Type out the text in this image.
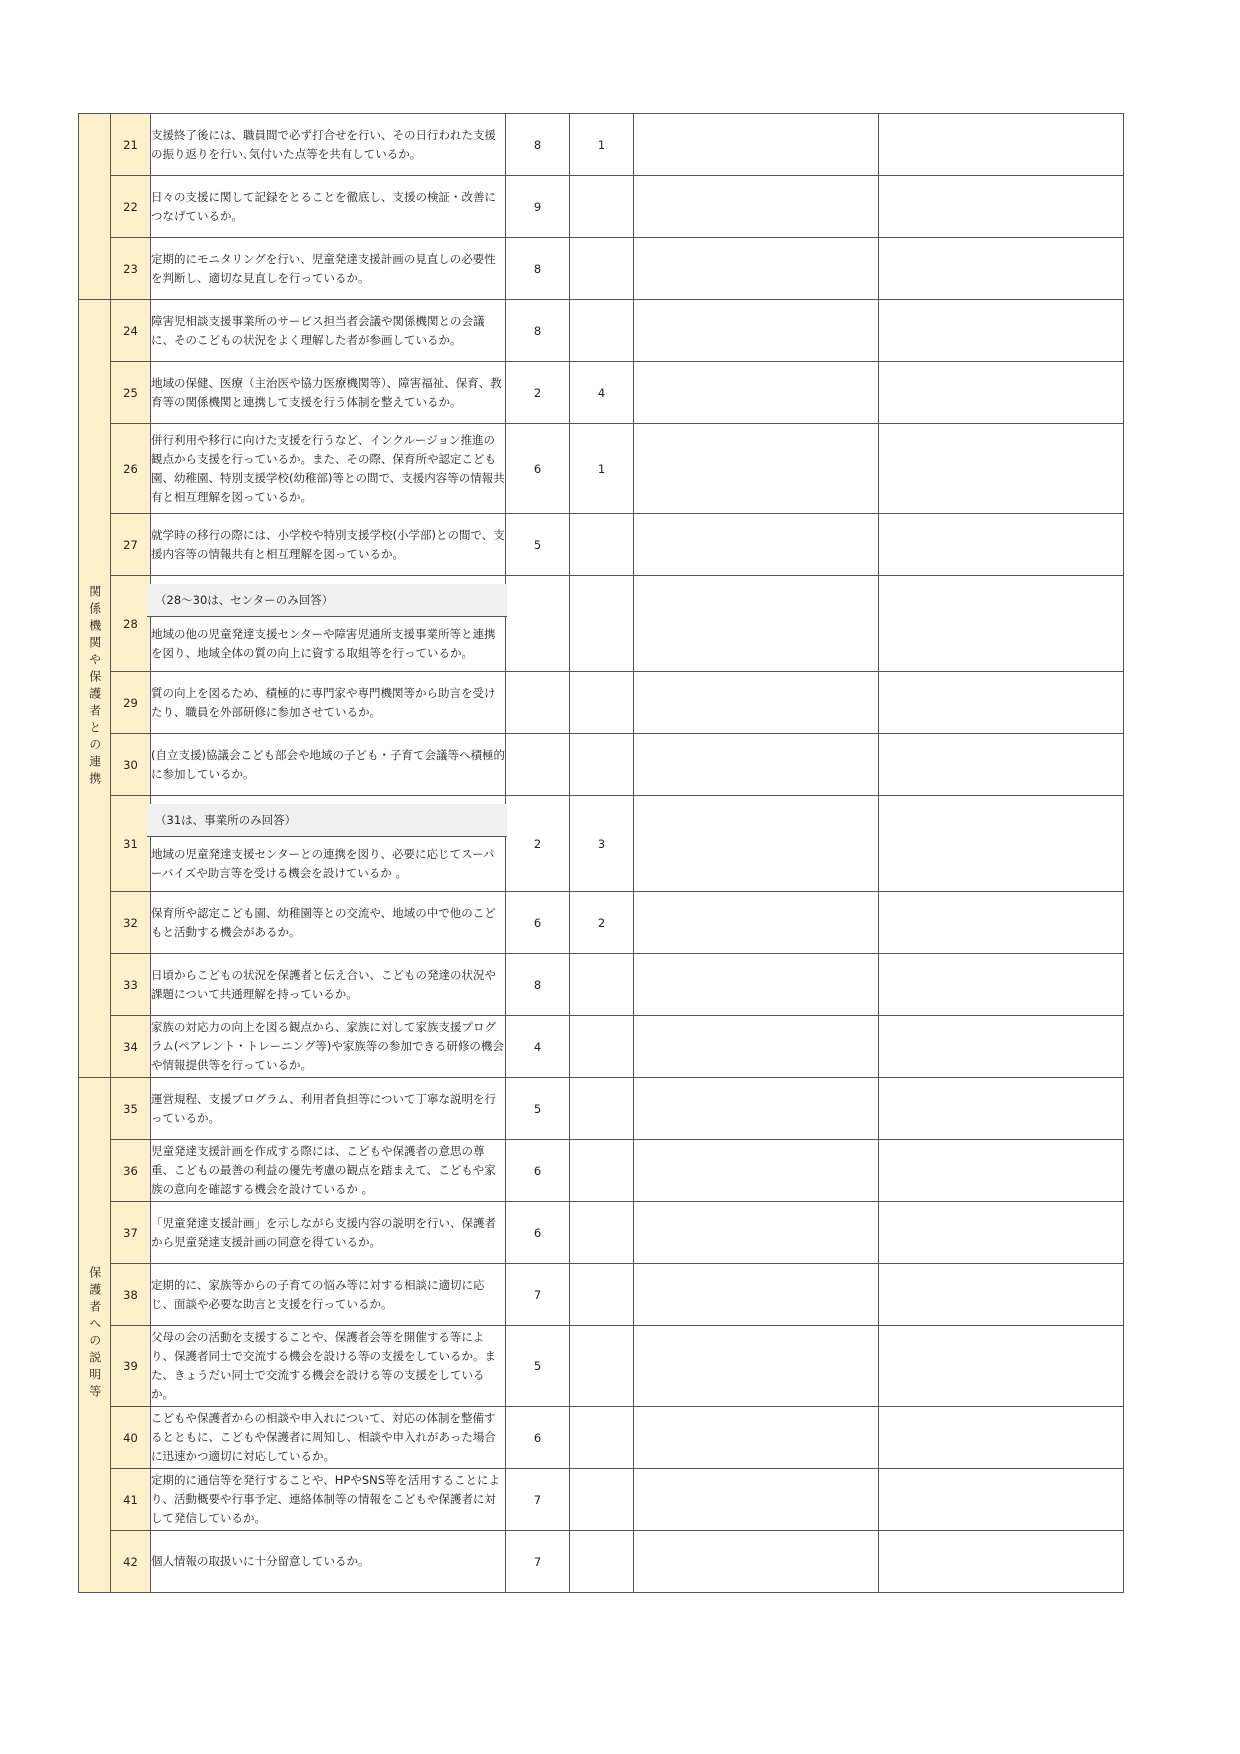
	21	支援終了後には、職員間で必ず打合せを行い、その日行われた支援の振り返りを行い､気付いた点等を共有しているか。	8	1		
	22	日々の支援に関して記録をとることを徹底し、支援の検証・改善につなげているか。	9			
	23	定期的にモニタリングを行い、児童発達支援計画の見直しの必要性を判断し、適切な見直しを行っているか。	8			
関係機関や保護者との連携	24	障害児相談支援事業所のサービス担当者会議や関係機関との会議に、そのこどもの状況をよく理解した者が参画しているか。	8			
	25	地域の保健、医療（主治医や協力医療機関等）、障害福祉、保育、教育等の関係機関と連携して支援を行う体制を整えているか。	2	4		
	26	併行利用や移行に向けた支援を行うなど、インクルージョン推進の観点から支援を行っているか。また、その際、保育所や認定こども園、幼稚園、特別支援学校(幼稚部)等との間で、支援内容等の情報共有と相互理解を図っているか。	6	1		
	27	就学時の移行の際には、小学校や特別支援学校(小学部)との間で、支援内容等の情報共有と相互理解を図っているか。	5			
	28	（28～30は、センターのみ回答）
地域の他の児童発達支援センターや障害児通所支援事業所等と連携を図り、地域全体の質の向上に資する取組等を行っているか。				

	29	質の向上を図るため、積極的に専門家や専門機関等から助言を受けたり、職員を外部研修に参加させているか。				

	30	(自立支援)協議会こども部会や地域の子ども・子育て会議等へ積極的に参加しているか。				

	31	（31は、事業所のみ回答）
地域の児童発達支援センターとの連携を図り、必要に応じてスーパーバイズや助言等を受ける機会を設けているか 。	2	3		
	32	保育所や認定こども園、幼稚園等との交流や、地域の中で他のこどもと活動する機会があるか。	6	2		
	33	日頃からこどもの状況を保護者と伝え合い、こどもの発達の状況や課題について共通理解を持っているか。	8			
	34	家族の対応力の向上を図る観点から、家族に対して家族支援プログラム(ペアレント・トレーニング等)や家族等の参加できる研修の機会や情報提供等を行っているか。	4			
保護者への説明等	35	運営規程、支援プログラム、利用者負担等について丁寧な説明を行っているか。	5			
	36	児童発達支援計画を作成する際には、こどもや保護者の意思の尊重、こどもの最善の利益の優先考慮の観点を踏まえて、こどもや家族の意向を確認する機会を設けているか 。	6			
	37	「児童発達支援計画」を示しながら支援内容の説明を行い、保護者から児童発達支援計画の同意を得ているか。	6			
	38	定期的に、家族等からの子育ての悩み等に対する相談に適切に応じ、面談や必要な助言と支援を行っているか。	7			
	39	父母の会の活動を支援することや、保護者会等を開催する等により、保護者同士で交流する機会を設ける等の支援をしているか。また、きょうだい同士で交流する機会を設ける等の支援をしているか。	5			
	40	こどもや保護者からの相談や申入れについて、対応の体制を整備するとともに、こどもや保護者に周知し、相談や申入れがあった場合に迅速かつ適切に対応しているか。	6			
	41	定期的に通信等を発行することや、HPやSNS等を活用することにより、活動概要や行事予定、連絡体制等の情報をこどもや保護者に対して発信しているか。	7			
	42	個人情報の取扱いに十分留意しているか。	7			
